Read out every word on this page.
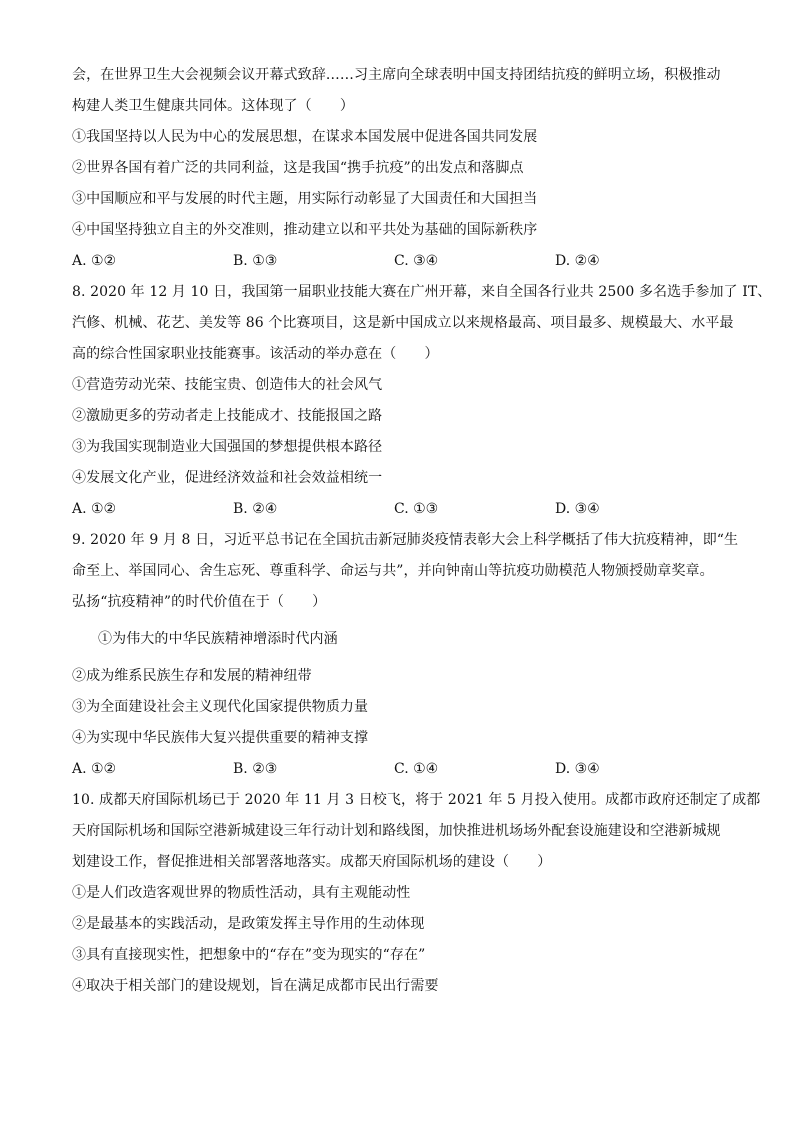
会，在世界卫生大会视频会议开幕式致辞……习主席向全球表明中国支持团结抗疫的鲜明立场，积极推动

构建人类卫生健康共同体。这体现了（　　）

①我国坚持以人民为中心的发展思想，在谋求本国发展中促进各国共同发展

②世界各国有着广泛的共同利益，这是我国“携手抗疫”的出发点和落脚点

③中国顺应和平与发展的时代主题，用实际行动彰显了大国责任和大国担当

④中国坚持独立自主的外交准则，推动建立以和平共处为基础的国际新秩序

A. ①②	B. ①③	C. ③④	D. ②④

8. 2020 年 12 月 10 日，我国第一届职业技能大赛在广州开幕，来自全国各行业共 2500 多名选手参加了 IT、

汽修、机械、花艺、美发等 86 个比赛项目，这是新中国成立以来规格最高、项目最多、规模最大、水平最

高的综合性国家职业技能赛事。该活动的举办意在（　　）

①营造劳动光荣、技能宝贵、创造伟大的社会风气

②激励更多的劳动者走上技能成才、技能报国之路

③为我国实现制造业大国强国的梦想提供根本路径

④发展文化产业，促进经济效益和社会效益相统一

A. ①②	B. ②④	C. ①③	D. ③④

9. 2020 年 9 月 8 日，习近平总书记在全国抗击新冠肺炎疫情表彰大会上科学概括了伟大抗疫精神，即“生

命至上、举国同心、舍生忘死、尊重科学、命运与共”，并向钟南山等抗疫功勋模范人物颁授勋章奖章。

弘扬“抗疫精神”的时代价值在于（　　）

①为伟大的中华民族精神增添时代内涵

②成为维系民族生存和发展的精神纽带

③为全面建设社会主义现代化国家提供物质力量

④为实现中华民族伟大复兴提供重要的精神支撑

A. ①②	B. ②③	C. ①④	D. ③④

10. 成都天府国际机场已于 2020 年 11 月 3 日校飞，将于 2021 年 5 月投入使用。成都市政府还制定了成都

天府国际机场和国际空港新城建设三年行动计划和路线图，加快推进机场场外配套设施建设和空港新城规

划建设工作，督促推进相关部署落地落实。成都天府国际机场的建设（　　）

①是人们改造客观世界的物质性活动，具有主观能动性

②是最基本的实践活动，是政策发挥主导作用的生动体现

③具有直接现实性，把想象中的“存在”变为现实的“存在”

④取决于相关部门的建设规划，旨在满足成都市民出行需要
